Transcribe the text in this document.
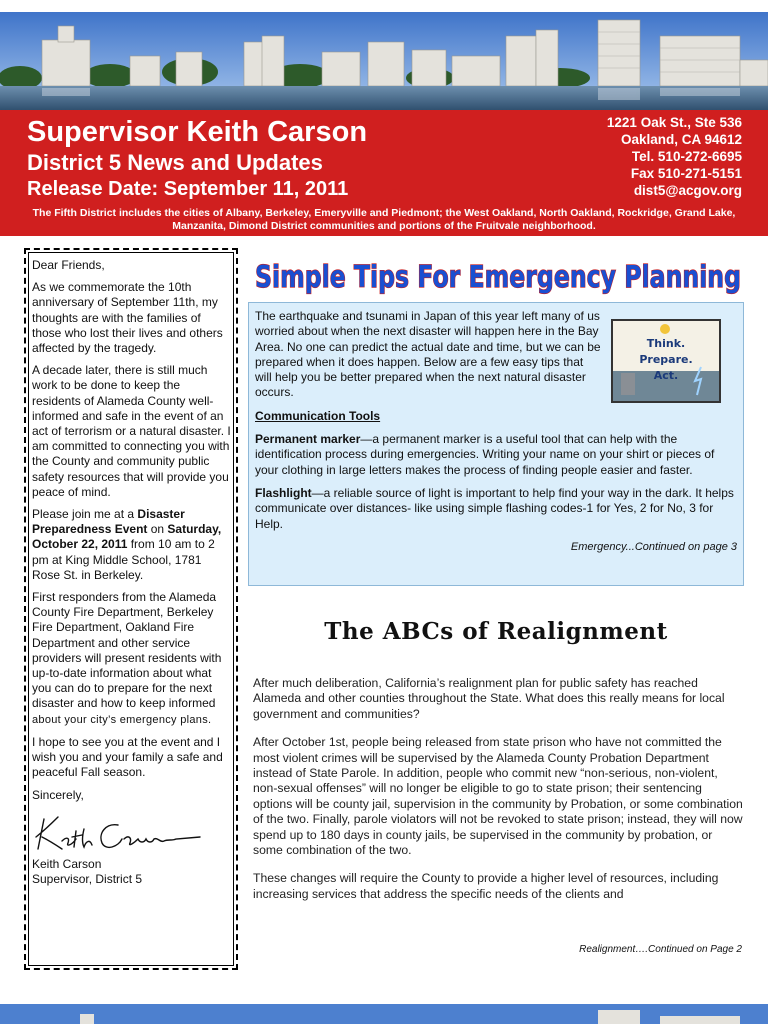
Supervisor Keith Carson
District 5 News and Updates
Release Date: September 11, 2011
1221 Oak St., Ste 536
Oakland, CA 94612
Tel. 510-272-6695
Fax 510-271-5151
dist5@acgov.org
The Fifth District includes the cities of Albany, Berkeley, Emeryville and Piedmont; the West Oakland, North Oakland, Rockridge, Grand Lake, Manzanita, Dimond District communities and portions of the Fruitvale neighborhood.

Dear Friends,

As we commemorate the 10th anniversary of September 11th, my thoughts are with the families of those who lost their lives and others affected by the tragedy.

A decade later, there is still much work to be done to keep the residents of Alameda County well-informed and safe in the event of an act of terrorism or a natural disaster. I am committed to connecting you with the County and community public safety resources that will provide you peace of mind.

Please join me at a Disaster Preparedness Event on Saturday, October 22, 2011 from 10 am to 2 pm at King Middle School, 1781 Rose St. in Berkeley.

First responders from the Alameda County Fire Department, Berkeley Fire Department, Oakland Fire Department and other service providers will present residents with up-to-date information about what you can do to prepare for the next disaster and how to keep informed about your city’s emergency plans.

I hope to see you at the event and I wish you and your family a safe and peaceful Fall season.

Sincerely,

Keith Carson
Supervisor, District 5
Simple Tips For Emergency Planning

The earthquake and tsunami in Japan of this year left many of us worried about when the next disaster will happen here in the Bay Area. No one can predict the actual date and time, but we can be prepared when it does happen. Below are a few easy tips that will help you be better prepared when the next natural disaster occurs.

Think.
Prepare.
Act.

Communication Tools

Permanent marker—a permanent marker is a useful tool that can help with the identification process during emergencies. Writing your name on your shirt or pieces of your clothing in large letters makes the process of finding people easier and faster.

Flashlight—a reliable source of light is important to help find your way in the dark. It helps communicate over distances- like using simple flashing codes-1 for Yes, 2 for No, 3 for Help.

Emergency...Continued on page 3
The ABCs of Realignment

After much deliberation, California’s realignment plan for public safety has reached Alameda and other counties throughout the State. What does this really means for local government and communities?

After October 1st, people being released from state prison who have not committed the most violent crimes will be supervised by the Alameda County Probation Department instead of State Parole. In addition, people who commit new “non-serious, non-violent, non-sexual offenses” will no longer be eligible to go to state prison; their sentencing options will be county jail, supervision in the community by Probation, or some combination of the two. Finally, parole violators will not be revoked to state prison; instead, they will now spend up to 180 days in county jails, be supervised in the community by probation, or some combination of the two.

These changes will require the County to provide a higher level of resources, including increasing services that address the specific needs of the clients and

Realignment….Continued on Page 2
